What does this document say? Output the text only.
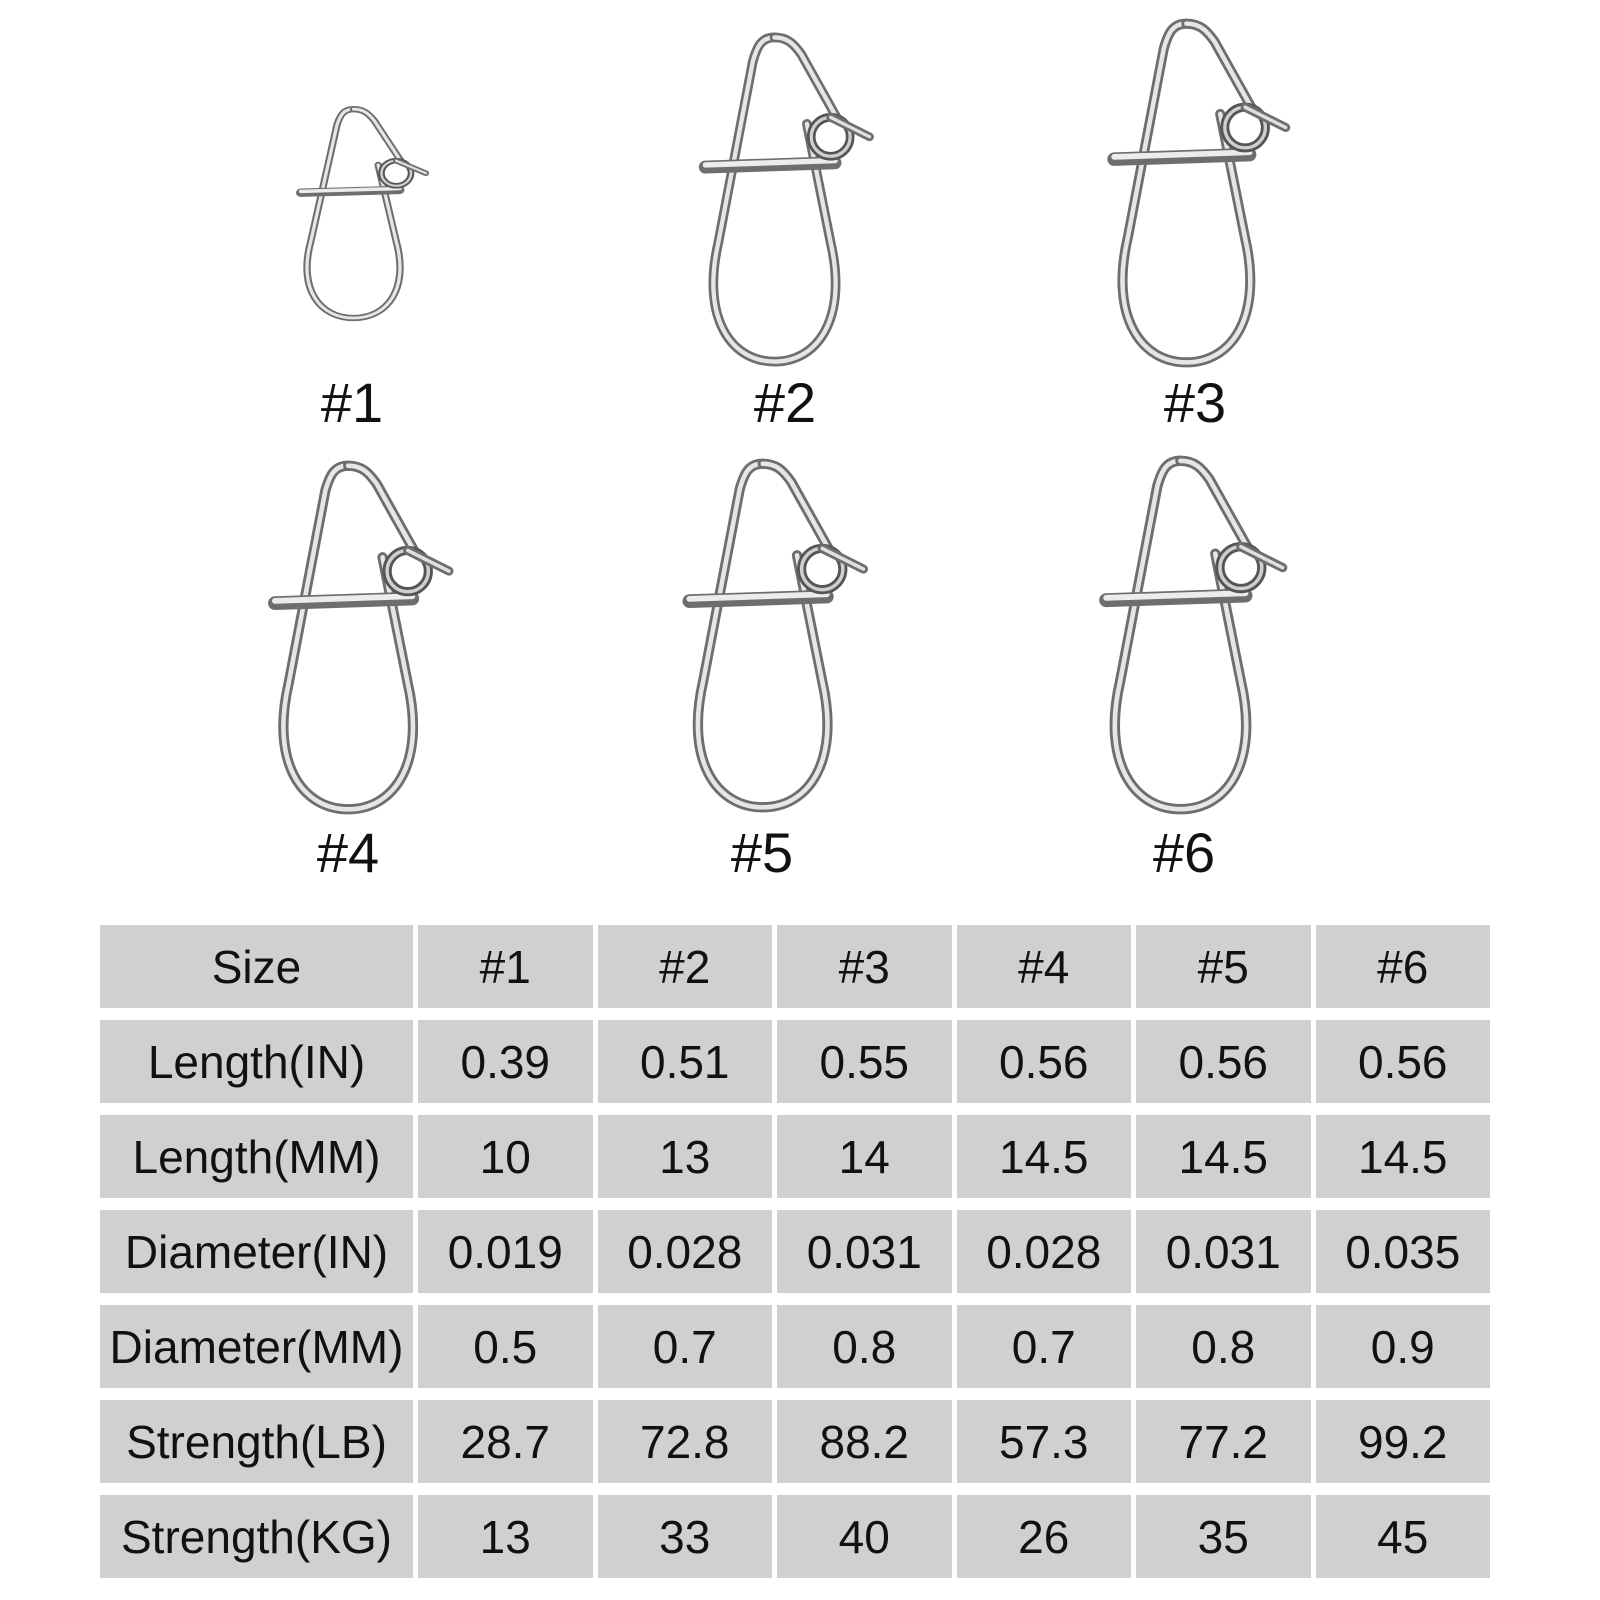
#1	#2	#3
#4	#5	#6
Size	#1	#2	#3	#4	#5	#6
Length(IN)	0.39	0.51	0.55	0.56	0.56	0.56
Length(MM)	10	13	14	14.5	14.5	14.5
Diameter(IN)	0.019	0.028	0.031	0.028	0.031	0.035
Diameter(MM)	0.5	0.7	0.8	0.7	0.8	0.9
Strength(LB)	28.7	72.8	88.2	57.3	77.2	99.2
Strength(KG)	13	33	40	26	35	45
